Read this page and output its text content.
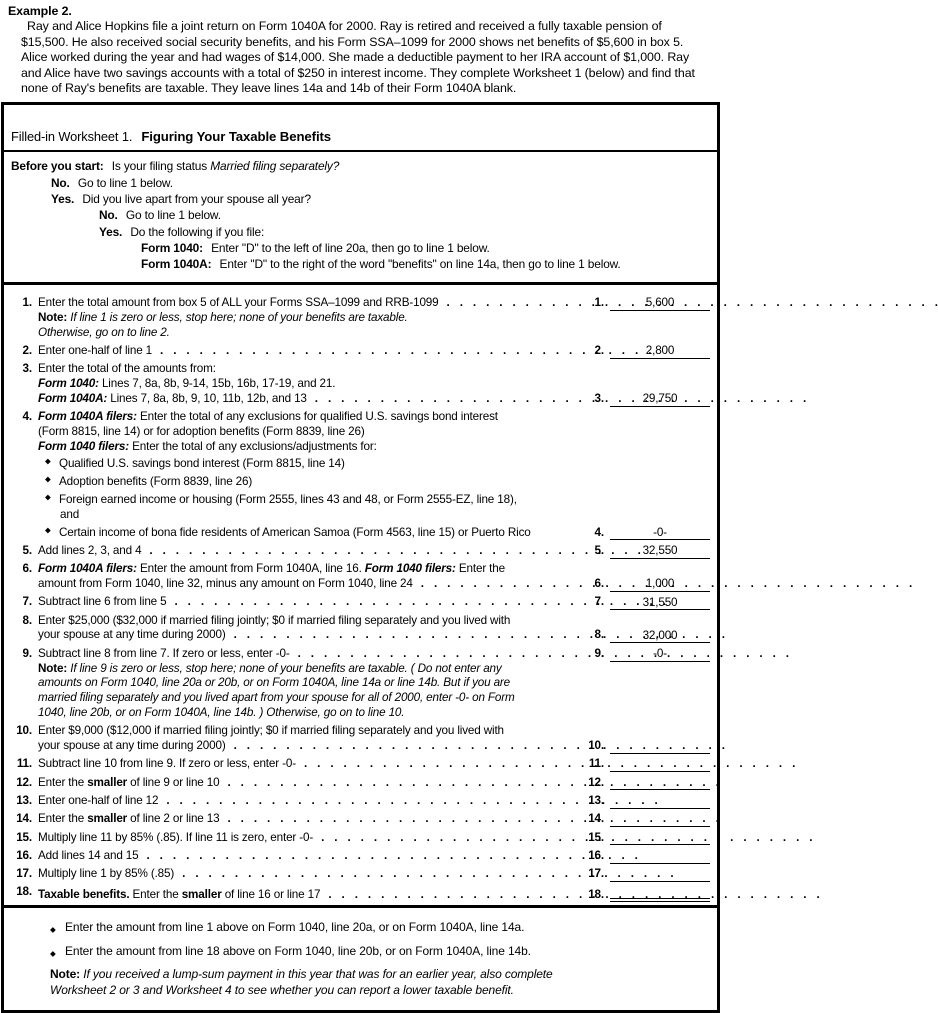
Example 2.

Ray and Alice Hopkins file a joint return on Form 1040A for 2000. Ray is retired and received a fully taxable pension of $15,500. He also received social security benefits, and his Form SSA–1099 for 2000 shows net benefits of $5,600 in box 5. Alice worked during the year and had wages of $14,000. She made a deductible payment to her IRA account of $1,000. Ray and Alice have two savings accounts with a total of $250 in interest income. They complete Worksheet 1 (below) and find that none of Ray's benefits are taxable. They leave lines 14a and 14b of their Form 1040A blank.

Filled-in Worksheet 1. Figuring Your Taxable Benefits
Before you start: Is your filing status Married filing separately?
No. Go to line 1 below.
Yes. Did you live apart from your spouse all year?
No. Go to line 1 below.
Yes. Do the following if you file:
Form 1040: Enter "D" to the left of line 20a, then go to line 1 below.
Form 1040A: Enter "D" to the right of the word "benefits" on line 14a, then go to line 1 below.
1. Enter the total amount from box 5 of ALL your Forms SSA–1099 and RRB-1099 . .	1.	5,600
Note: If line 1 is zero or less, stop here; none of your benefits are taxable.
Otherwise, go on to line 2.
2. Enter one-half of line 1 . .	2.	2,800
3. Enter the total of the amounts from:
Form 1040: Lines 7, 8a, 8b, 9-14, 15b, 16b, 17-19, and 21.
Form 1040A: Lines 7, 8a, 8b, 9, 10, 11b, 12b, and 13 . .	3.	29,750
4. Form 1040A filers: Enter the total of any exclusions for qualified U.S. savings bond interest
(Form 8815, line 14) or for adoption benefits (Form 8839, line 26)
Form 1040 filers: Enter the total of any exclusions/adjustments for:
◆ Qualified U.S. savings bond interest (Form 8815, line 14)
◆ Adoption benefits (Form 8839, line 26)
◆ Foreign earned income or housing (Form 2555, lines 43 and 48, or Form 2555-EZ, line 18),
and
◆ Certain income of bona fide residents of American Samoa (Form 4563, line 15) or Puerto Rico	4.	-0-
5. Add lines 2, 3, and 4 . .	5.	32,550
6. Form 1040A filers: Enter the amount from Form 1040A, line 16. Form 1040 filers: Enter the
amount from Form 1040, line 32, minus any amount on Form 1040, line 24 . .	6.	1,000
7. Subtract line 6 from line 5 . .	7.	31,550
8. Enter $25,000 ($32,000 if married filing jointly; $0 if married filing separately and you lived with
your spouse at any time during 2000) . .	8.	32,000
9. Subtract line 8 from line 7. If zero or less, enter -0- . .	9.	-0-
Note: If line 9 is zero or less, stop here; none of your benefits are taxable. ( Do not enter any
amounts on Form 1040, line 20a or 20b, or on Form 1040A, line 14a or line 14b. But if you are
married filing separately and you lived apart from your spouse for all of 2000, enter -0- on Form
1040, line 20b, or on Form 1040A, line 14b. ) Otherwise, go on to line 10.
10. Enter $9,000 ($12,000 if married filing jointly; $0 if married filing separately and you lived with
your spouse at any time during 2000) . .	10.
11. Subtract line 10 from line 9. If zero or less, enter -0- . .	11.
12. Enter the smaller of line 9 or line 10 . .	12.
13. Enter one-half of line 12 . .	13.
14. Enter the smaller of line 2 or line 13 . .	14.
15. Multiply line 11 by 85% (.85). If line 11 is zero, enter -0- . .	15.
16. Add lines 14 and 15 . .	16.
17. Multiply line 1 by 85% (.85) . .	17.
18. Taxable benefits. Enter the smaller of line 16 or line 17 . .	18.
◆ Enter the amount from line 1 above on Form 1040, line 20a, or on Form 1040A, line 14a.
◆ Enter the amount from line 18 above on Form 1040, line 20b, or on Form 1040A, line 14b.
Note: If you received a lump-sum payment in this year that was for an earlier year, also complete
Worksheet 2 or 3 and Worksheet 4 to see whether you can report a lower taxable benefit.
